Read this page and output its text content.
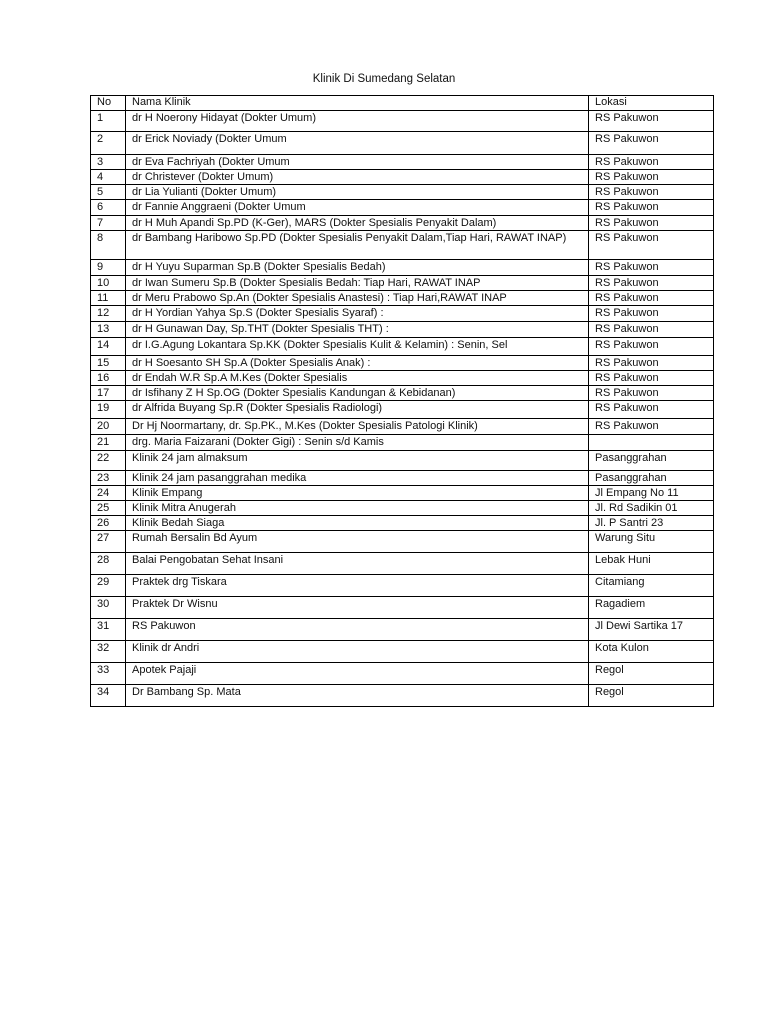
Klinik Di Sumedang Selatan
No	Nama Klinik	Lokasi
1	dr H Noerony Hidayat (Dokter Umum)	RS Pakuwon
2	dr Erick Noviady (Dokter Umum	RS Pakuwon
3	dr Eva Fachriyah (Dokter Umum	RS Pakuwon
4	dr Christever (Dokter Umum)	RS Pakuwon
5	dr Lia Yulianti (Dokter Umum)	RS Pakuwon
6	dr Fannie Anggraeni (Dokter Umum	RS Pakuwon
7	dr H Muh Apandi Sp.PD (K-Ger), MARS (Dokter Spesialis Penyakit Dalam)	RS Pakuwon
8	dr Bambang Haribowo Sp.PD (Dokter Spesialis Penyakit Dalam,Tiap Hari, RAWAT INAP)	RS Pakuwon
9	dr H Yuyu Suparman Sp.B (Dokter Spesialis Bedah)	RS Pakuwon
10	dr Iwan Sumeru Sp.B (Dokter Spesialis Bedah: Tiap Hari, RAWAT INAP	RS Pakuwon
11	dr Meru Prabowo Sp.An (Dokter Spesialis Anastesi) : Tiap Hari,RAWAT INAP	RS Pakuwon
12	dr H Yordian Yahya Sp.S (Dokter Spesialis Syaraf) :	RS Pakuwon
13	dr H Gunawan Day, Sp.THT (Dokter Spesialis THT) :	RS Pakuwon
14	dr I.G.Agung Lokantara Sp.KK (Dokter Spesialis Kulit & Kelamin) : Senin, Sel	RS Pakuwon
15	dr H Soesanto SH Sp.A (Dokter Spesialis Anak) :	RS Pakuwon
16	dr Endah W.R Sp.A M.Kes (Dokter Spesialis	RS Pakuwon
17	dr Isfihany Z H Sp.OG (Dokter Spesialis Kandungan & Kebidanan)	RS Pakuwon
19	dr Alfrida Buyang Sp.R (Dokter Spesialis Radiologi)	RS Pakuwon
20	Dr Hj Noormartany, dr. Sp.PK., M.Kes (Dokter Spesialis Patologi Klinik)	RS Pakuwon
21	drg. Maria Faizarani (Dokter Gigi) : Senin s/d Kamis	
22	Klinik 24 jam almaksum	Pasanggrahan
23	Klinik 24 jam pasanggrahan medika	Pasanggrahan
24	Klinik Empang	Jl Empang No 11
25	Klinik Mitra Anugerah	Jl. Rd Sadikin 01
26	Klinik Bedah Siaga	Jl. P Santri 23
27	Rumah Bersalin Bd Ayum	Warung Situ
28	Balai Pengobatan Sehat Insani	Lebak Huni
29	Praktek drg Tiskara	Citamiang
30	Praktek Dr Wisnu	Ragadiem
31	RS Pakuwon	Jl Dewi Sartika 17
32	Klinik dr Andri	Kota Kulon
33	Apotek Pajaji	Regol
34	Dr Bambang Sp. Mata	Regol
